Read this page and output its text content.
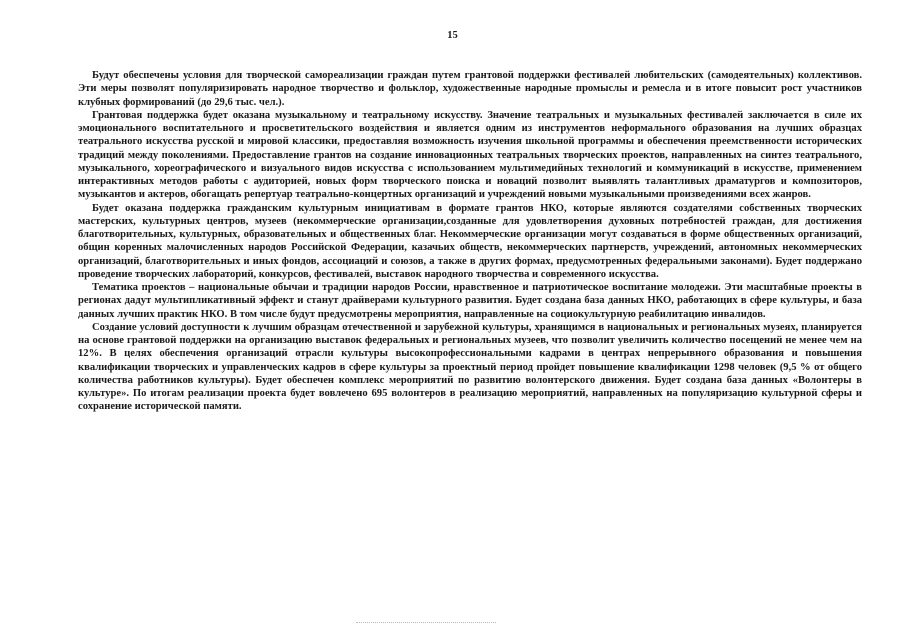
15

Будут обеспечены условия для творческой самореализации граждан путем грантовой поддержки фестивалей любительских (самодеятельных) коллективов. Эти меры позволят популяризировать народное творчество и фольклор, художественные народные промыслы и ремесла и в итоге повысит рост участников клубных формирований (до 29,6 тыс. чел.).

Грантовая поддержка будет оказана музыкальному и театральному искусству. Значение театральных и музыкальных фестивалей заключается в силе их эмоционального воспитательного и просветительского воздействия и является одним из инструментов неформального образования на лучших образцах театрального искусства русской и мировой классики, предоставляя возможность изучения школьной программы и обеспечения преемственности исторических традиций между поколениями. Предоставление грантов на создание инновационных театральных творческих проектов, направленных на синтез театрального, музыкального, хореографического и визуального видов искусства с использованием мультимедийных технологий и коммуникаций в искусстве, применением интерактивных методов работы с аудиторией, новых форм творческого поиска и новаций позволит выявлять талантливых драматургов и композиторов, музыкантов и актеров, обогащать репертуар театрально-концертных организаций и учреждений новыми музыкальными произведениями всех жанров.

Будет оказана поддержка гражданским культурным инициативам в формате грантов НКО, которые являются создателями собственных творческих мастерских, культурных центров, музеев (некоммерческие организации,созданные для удовлетворения духовных потребностей граждан, для достижения благотворительных, культурных, образовательных и общественных благ. Некоммерческие организации могут создаваться в форме общественных организаций, общин коренных малочисленных народов Российской Федерации, казачьих обществ, некоммерческих партнерств, учреждений, автономных некоммерческих организаций, благотворительных и иных фондов, ассоциаций и союзов, а также в других формах, предусмотренных федеральными законами). Будет поддержано проведение творческих лабораторий, конкурсов, фестивалей, выставок народного творчества и современного искусства.

Тематика проектов – национальные обычаи и традиции народов России, нравственное и патриотическое воспитание молодежи. Эти масштабные проекты в регионах дадут мультипликативный эффект и станут драйверами культурного развития. Будет создана база данных НКО, работающих в сфере культуры, и база данных лучших практик НКО. В том числе будут предусмотрены мероприятия, направленные на социокультурную реабилитацию инвалидов.

Создание условий доступности к лучшим образцам отечественной и зарубежной культуры, хранящимся в национальных и региональных музеях, планируется на основе грантовой поддержки на организацию выставок федеральных и региональных музеев, что позволит увеличить количество посещений не менее чем на 12%. В целях обеспечения организаций отрасли культуры высокопрофессиональными кадрами в центрах непрерывного образования и повышения квалификации творческих и управленческих кадров в сфере культуры за проектный период пройдет повышение квалификации 1298 человек (9,5 % от общего количества работников культуры). Будет обеспечен комплекс мероприятий по развитию волонтерского движения. Будет создана база данных «Волонтеры в культуре». По итогам реализации проекта будет вовлечено 695 волонтеров в реализацию мероприятий, направленных на популяризацию культурной сферы и сохранение исторической памяти.
